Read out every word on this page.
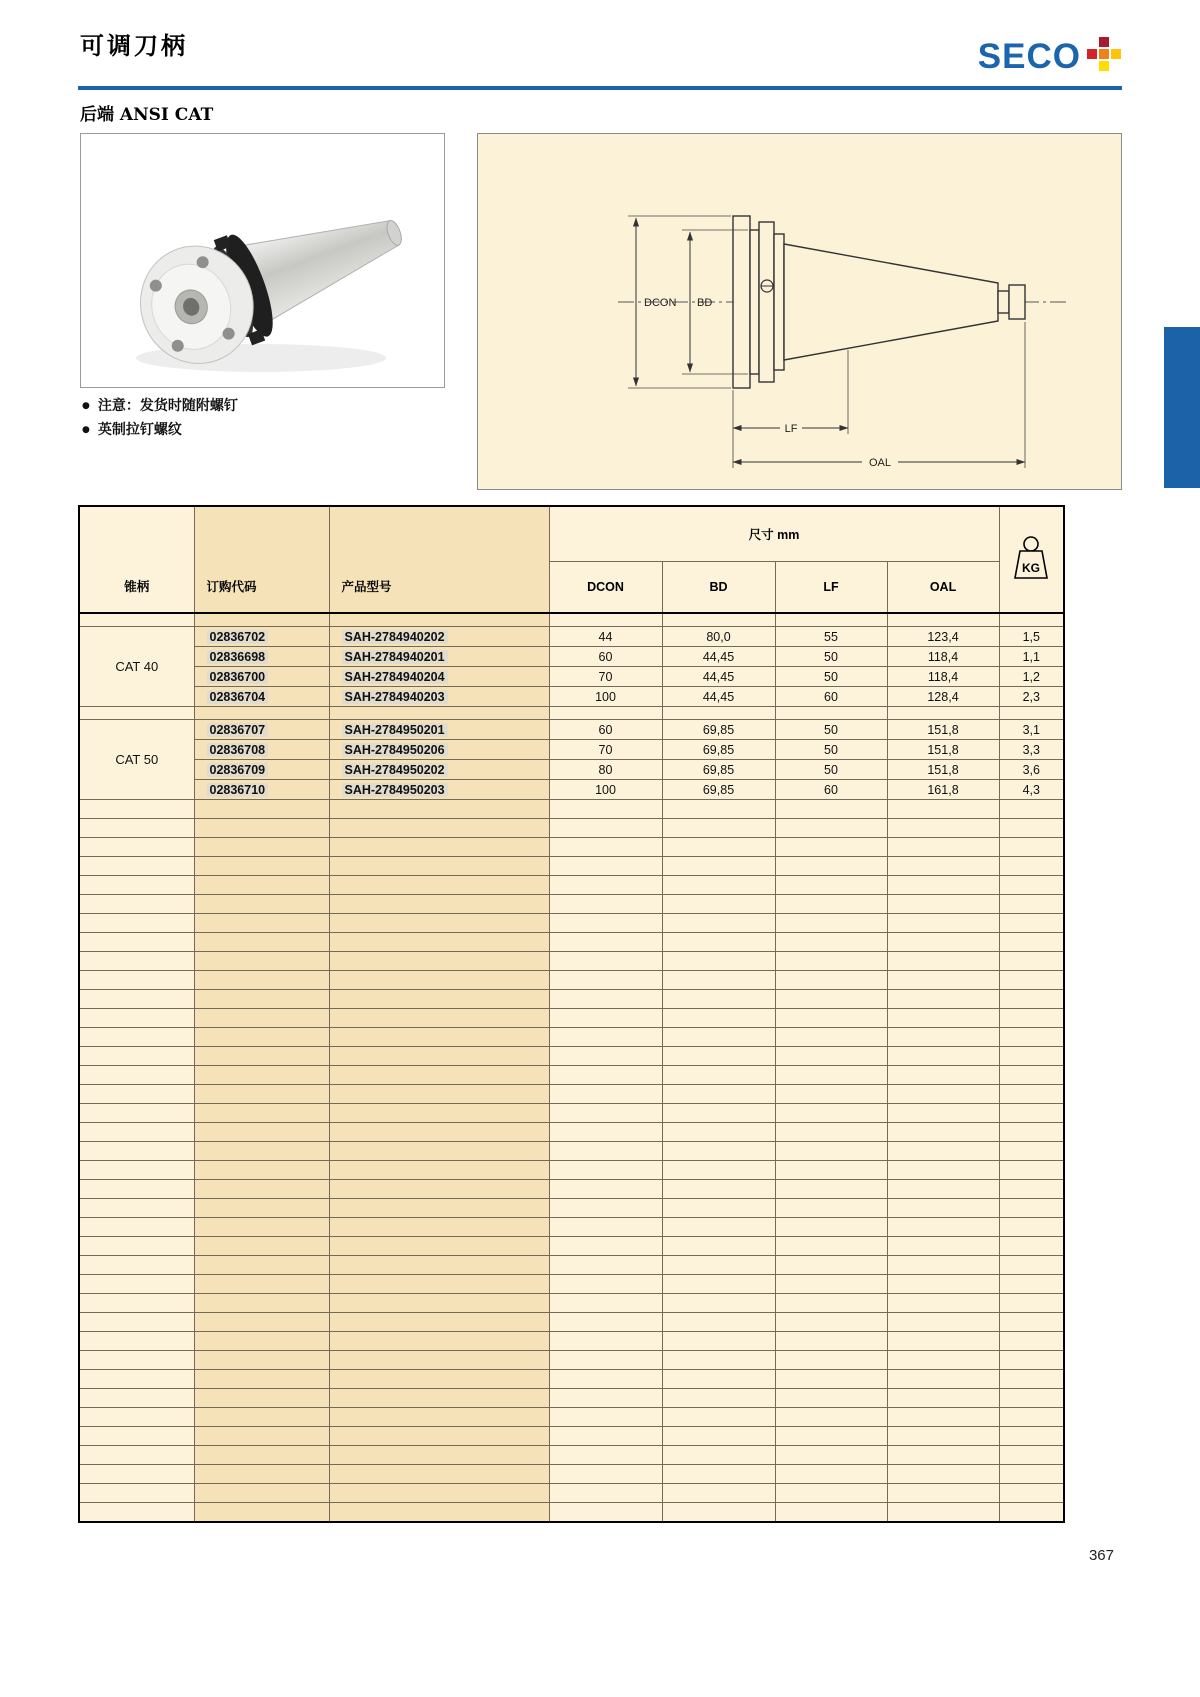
可调刀柄	SECO
后端 ANSI CAT
DCON BD
LF
OAL
● 注意：发货时随附螺钉
● 英制拉钉螺纹
锥柄	订购代码	产品型号	尺寸 mm				KG

			DCON	BD	LF	OAL	

CAT 40	02836702	SAH-2784940202	44	80,0	55	123,4	1,5
	02836698	SAH-2784940201	60	44,45	50	118,4	1,1
	02836700	SAH-2784940204	70	44,45	50	118,4	1,2
	02836704	SAH-2784940203	100	44,45	60	128,4	2,3

CAT 50	02836707	SAH-2784950201	60	69,85	50	151,8	3,1
	02836708	SAH-2784950206	70	69,85	50	151,8	3,3
	02836709	SAH-2784950202	80	69,85	50	151,8	3,6
	02836710	SAH-2784950203	100	69,85	60	161,8	4,3

367
